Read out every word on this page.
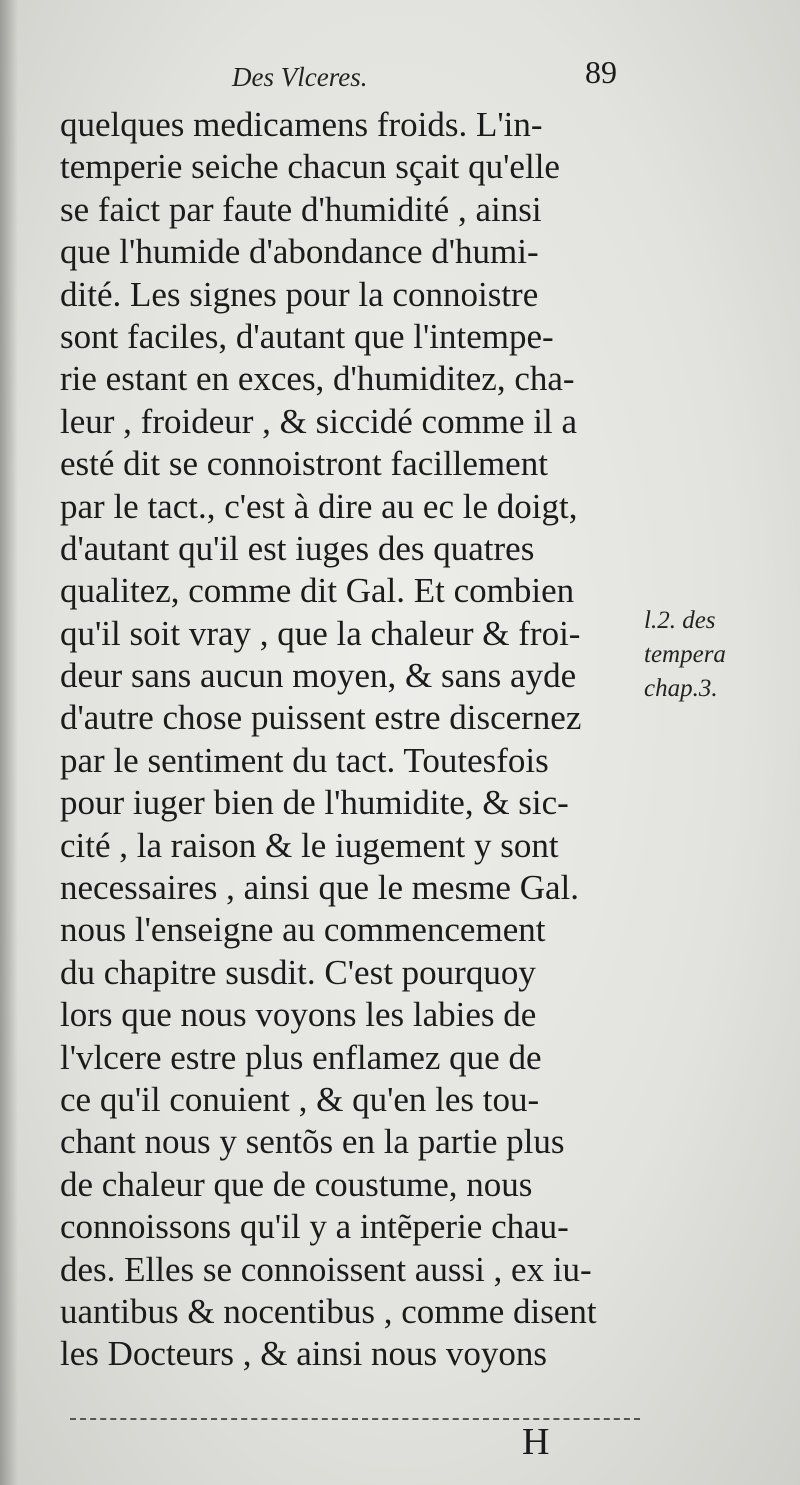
Des Vlceres.	89
quelques medicamens froids. L'in-
temperie seiche chacun sçait qu'elle
se faict par faute d'humidité , ainsi
que l'humide d'abondance d'humi-
dité. Les signes pour la connoistre
sont faciles, d'autant que l'intempe-
rie estant en exces, d'humiditez, cha-
leur , froideur , & siccidé comme il a
esté dit se connoistront facillement
par le tact., c'est à dire au ec le doigt,
d'autant qu'il est iuges des quatres
qualitez, comme dit Gal. Et combien
qu'il soit vray , que la chaleur & froi-
deur sans aucun moyen, & sans ayde
d'autre chose puissent estre discernez
par le sentiment du tact. Toutesfois
pour iuger bien de l'humidite, & sic-
cité , la raison & le iugement y sont
necessaires , ainsi que le mesme Gal.
nous l'enseigne au commencement
du chapitre susdit. C'est pourquoy
lors que nous voyons les labies de
l'vlcere estre plus enflamez que de
ce qu'il conuient , & qu'en les tou-
chant nous y sentõs en la partie plus
de chaleur que de coustume, nous
connoissons qu'il y a intẽperie chau-
des. Elles se connoissent aussi , ex iu-
uantibus & nocentibus , comme disent
les Docteurs , & ainsi nous voyons
l.2. des
tempera
chap.3.
H
